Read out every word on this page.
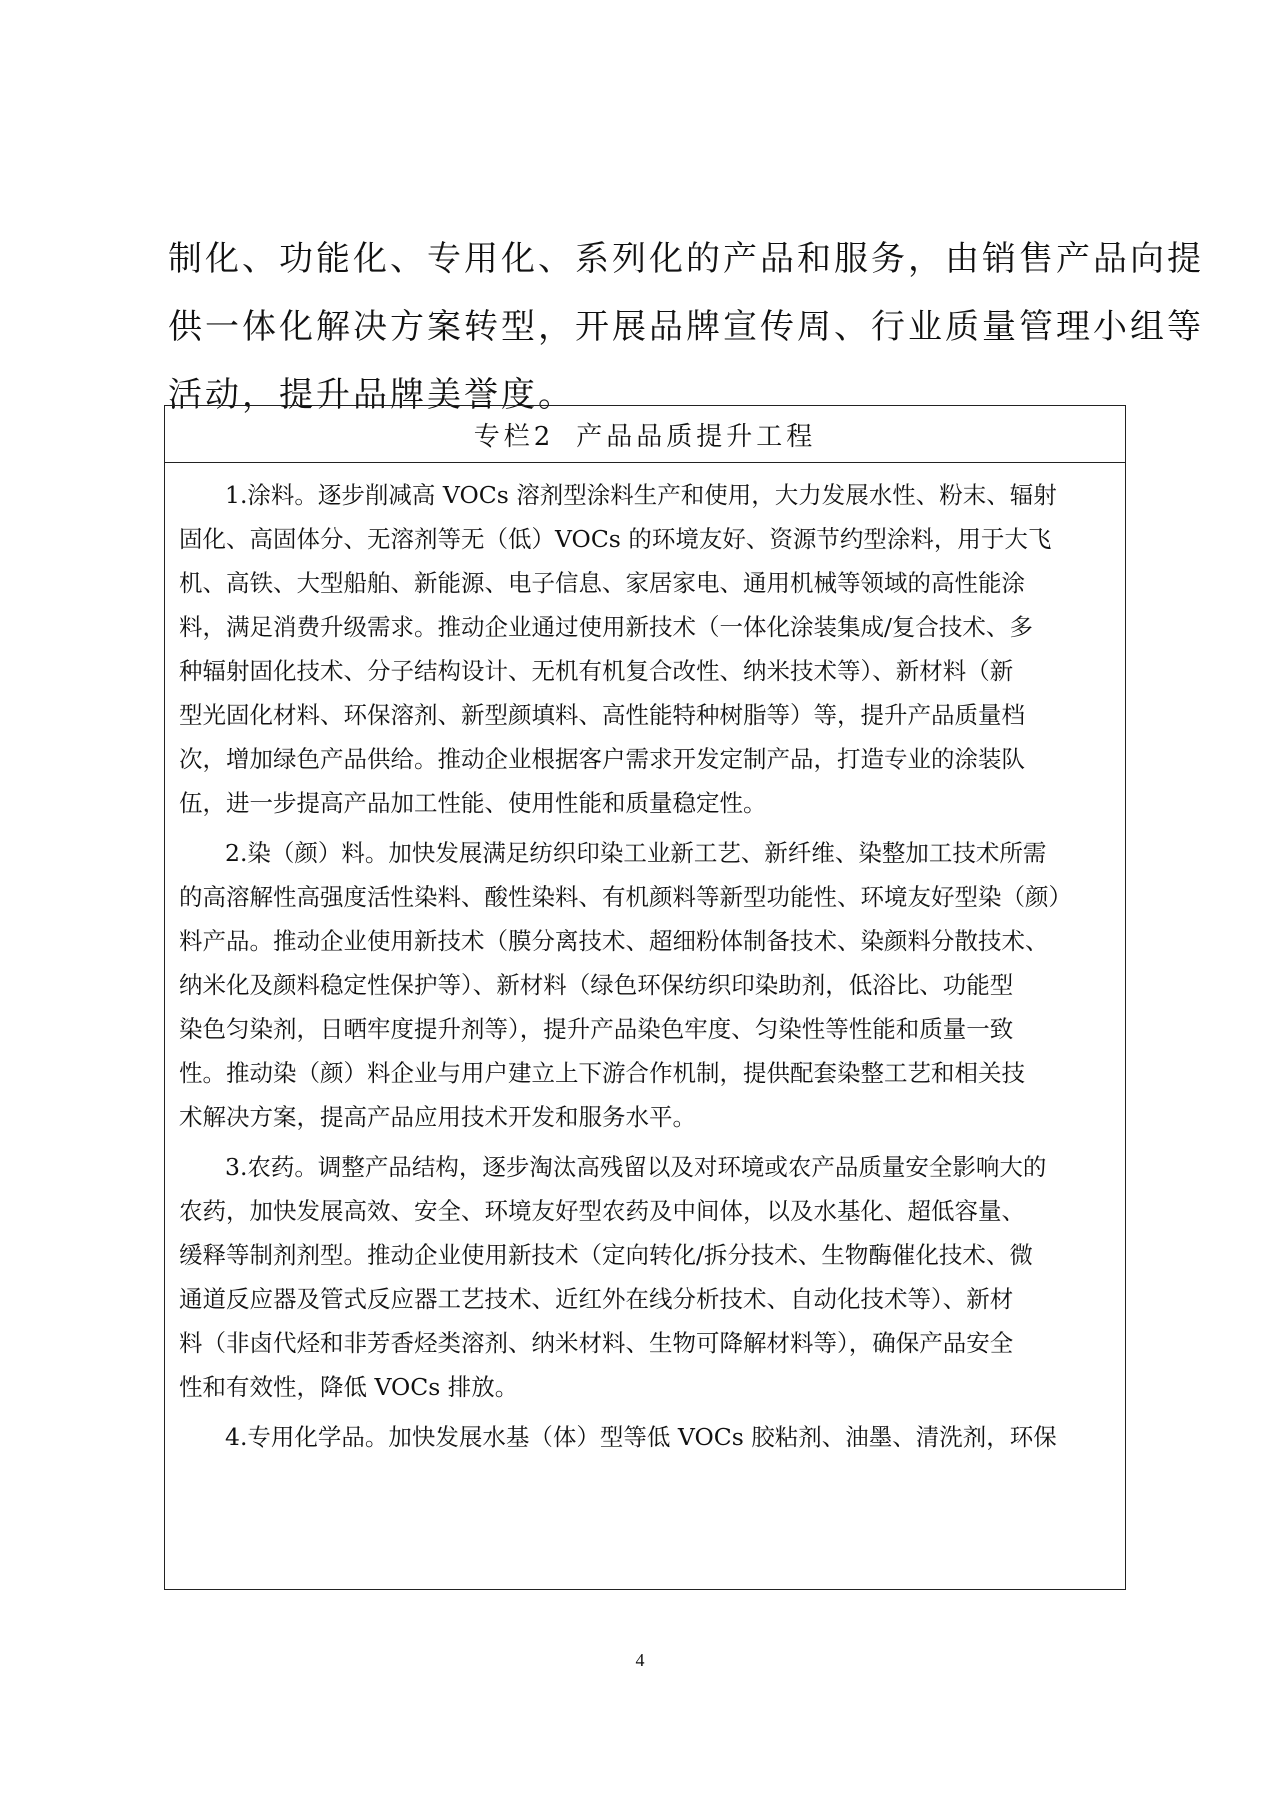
制化、功能化、专用化、系列化的产品和服务，由销售产品向提
供一体化解决方案转型，开展品牌宣传周、行业质量管理小组等
活动，提升品牌美誉度。
专栏2 产品品质提升工程
1.涂料。逐步削减高 VOCs 溶剂型涂料生产和使用，大力发展水性、粉末、辐射
固化、高固体分、无溶剂等无（低）VOCs 的环境友好、资源节约型涂料，用于大飞
机、高铁、大型船舶、新能源、电子信息、家居家电、通用机械等领域的高性能涂
料，满足消费升级需求。推动企业通过使用新技术（一体化涂装集成/复合技术、多
种辐射固化技术、分子结构设计、无机有机复合改性、纳米技术等）、新材料（新
型光固化材料、环保溶剂、新型颜填料、高性能特种树脂等）等，提升产品质量档
次，增加绿色产品供给。推动企业根据客户需求开发定制产品，打造专业的涂装队
伍，进一步提高产品加工性能、使用性能和质量稳定性。
2.染（颜）料。加快发展满足纺织印染工业新工艺、新纤维、染整加工技术所需
的高溶解性高强度活性染料、酸性染料、有机颜料等新型功能性、环境友好型染（颜）
料产品。推动企业使用新技术（膜分离技术、超细粉体制备技术、染颜料分散技术、
纳米化及颜料稳定性保护等）、新材料（绿色环保纺织印染助剂，低浴比、功能型
染色匀染剂，日晒牢度提升剂等），提升产品染色牢度、匀染性等性能和质量一致
性。推动染（颜）料企业与用户建立上下游合作机制，提供配套染整工艺和相关技
术解决方案，提高产品应用技术开发和服务水平。
3.农药。调整产品结构，逐步淘汰高残留以及对环境或农产品质量安全影响大的
农药，加快发展高效、安全、环境友好型农药及中间体，以及水基化、超低容量、
缓释等制剂剂型。推动企业使用新技术（定向转化/拆分技术、生物酶催化技术、微
通道反应器及管式反应器工艺技术、近红外在线分析技术、自动化技术等）、新材
料（非卤代烃和非芳香烃类溶剂、纳米材料、生物可降解材料等），确保产品安全
性和有效性，降低 VOCs 排放。
4.专用化学品。加快发展水基（体）型等低 VOCs 胶粘剂、油墨、清洗剂，环保
4
